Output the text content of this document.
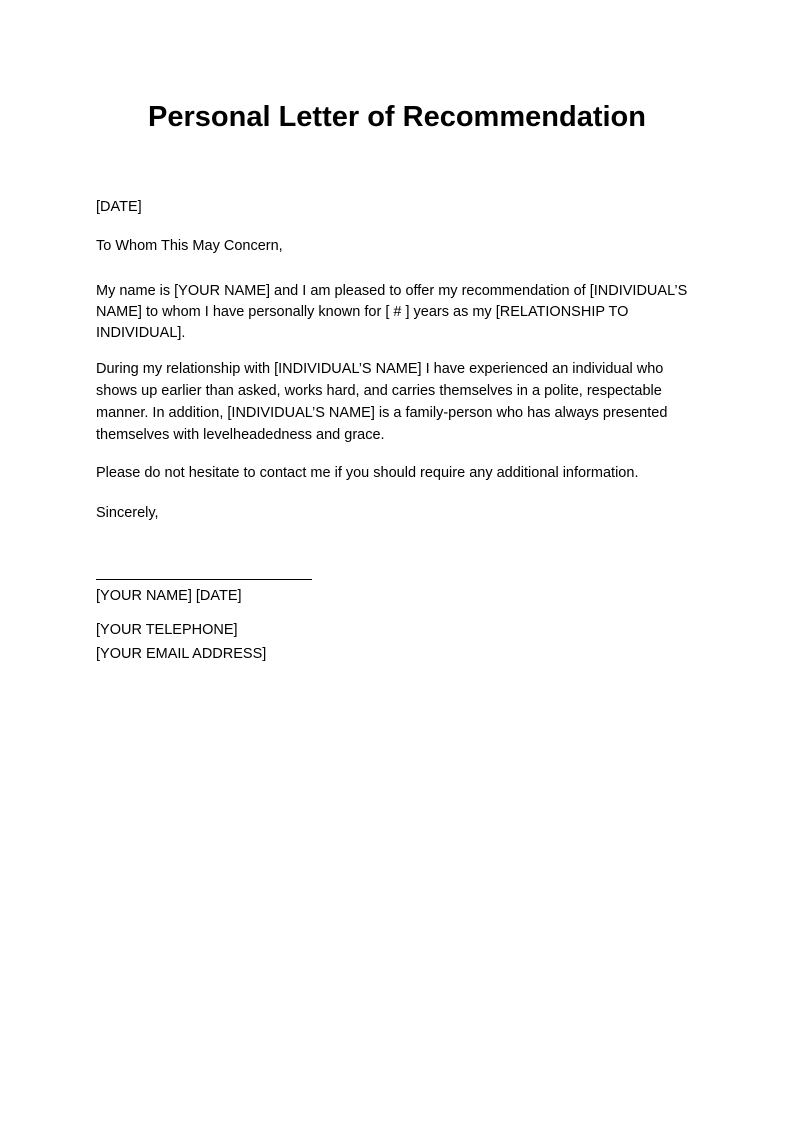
Personal Letter of Recommendation

[DATE]

To Whom This May Concern,

My name is [YOUR NAME] and I am pleased to offer my recommendation of [INDIVIDUAL’S NAME] to whom I have personally known for [ # ] years as my [RELATIONSHIP TO INDIVIDUAL].

During my relationship with [INDIVIDUAL’S NAME] I have experienced an individual who shows up earlier than asked, works hard, and carries themselves in a polite, respectable manner. In addition, [INDIVIDUAL’S NAME] is a family-person who has always presented themselves with levelheadedness and grace.

Please do not hesitate to contact me if you should require any additional information.

Sincerely,

[YOUR NAME] [DATE]

[YOUR TELEPHONE]

[YOUR EMAIL ADDRESS]
